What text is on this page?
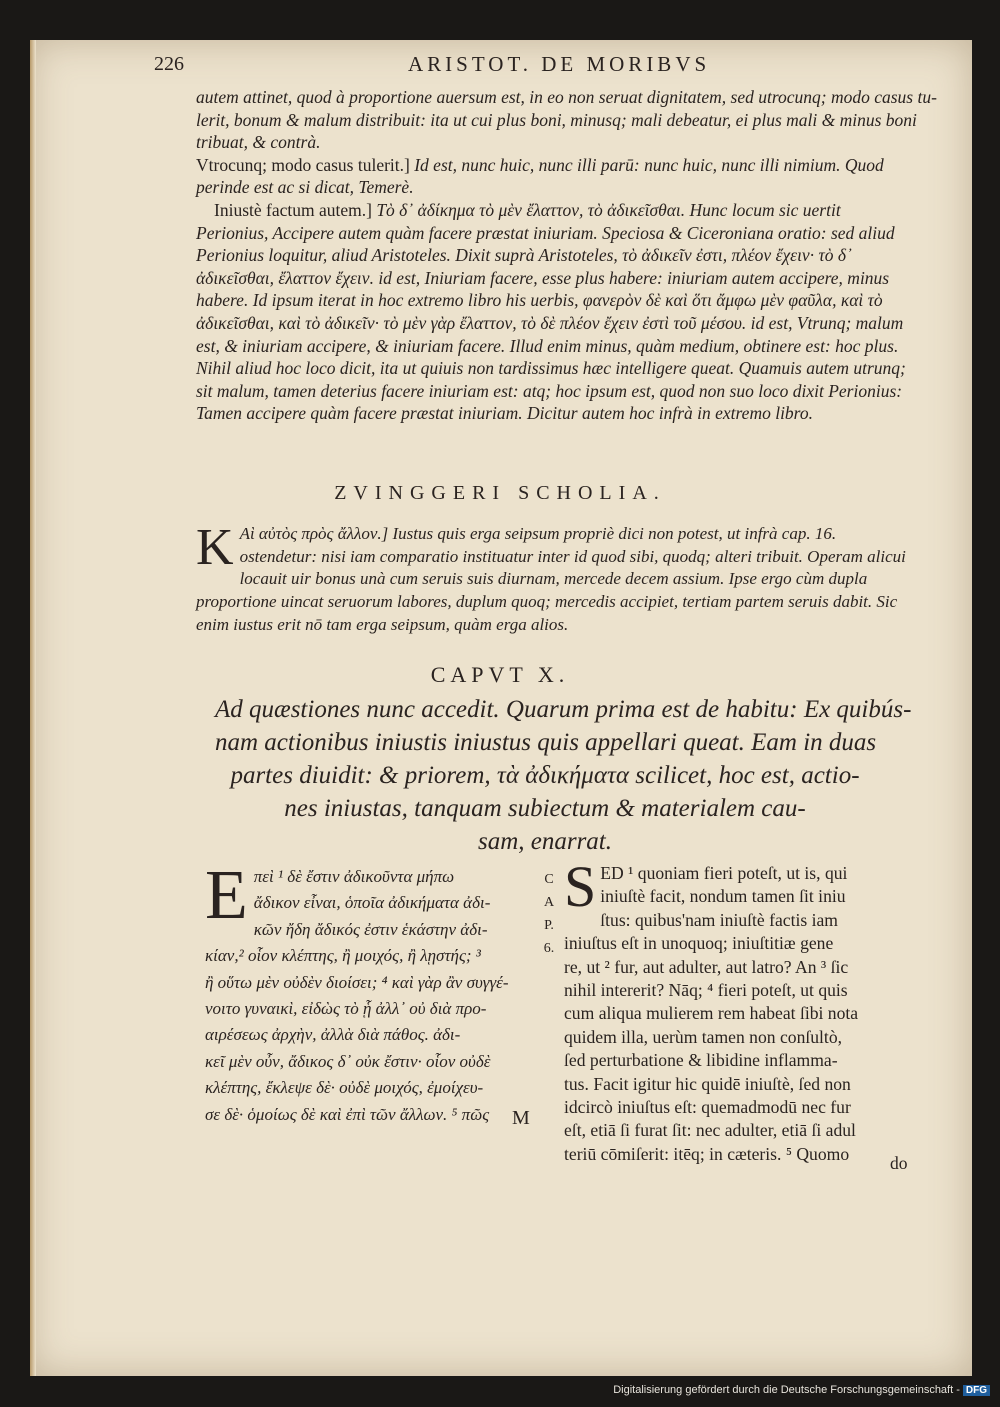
226	ARISTOT. DE MORIBVS

autem attinet, quod à proportione auersum est, in eo non seruat dignitatem, sed utrocunq; modo casus tu-

lerit, bonum & malum distribuit: ita ut cui plus boni, minusq; mali debeatur, ei plus mali & minus boni

tribuat, & contrà.

Vtrocunq; modo casus tulerit.] Id est, nunc huic, nunc illi parū: nunc huic, nunc illi nimium. Quod perinde est ac si dicat, Temerè.

Iniustè factum autem.] Τὸ δ᾽ ἀδίκημα τὸ μὲν ἔλαττον, τὸ ἀδικεῖσθαι. Hunc locum sic uertit Perionius, Accipere autem quàm facere præstat iniuriam. Speciosa & Ciceroniana oratio: sed aliud Perionius loquitur, aliud Aristoteles. Dixit suprà Aristoteles, τὸ ἀδικεῖν ἐστι, πλέον ἔχειν· τὸ δ᾽ ἀδικεῖσθαι, ἔλαττον ἔχειν. id est, Iniuriam facere, esse plus habere: iniuriam autem accipere, minus habere. Id ipsum iterat in hoc extremo libro his uerbis, φανερὸν δὲ καὶ ὅτι ἄμφω μὲν φαῦλα, καὶ τὸ ἀδικεῖσθαι, καὶ τὸ ἀδικεῖν· τὸ μὲν γὰρ ἔλαττον, τὸ δὲ πλέον ἔχειν ἐστὶ τοῦ μέσου. id est, Vtrunq; malum est, & iniuriam accipere, & iniuriam facere. Illud enim minus, quàm medium, obtinere est: hoc plus. Nihil aliud hoc loco dicit, ita ut quiuis non tardissimus hæc intelligere queat. Quamuis autem utrunq; sit malum, tamen deterius facere iniuriam est: atq; hoc ipsum est, quod non suo loco dixit Perionius: Tamen accipere quàm facere præstat iniuriam. Dicitur autem hoc infrà in extremo libro.

ZVINGGERI SCHOLIA.
K Aὶ αὐτὸς πρὸς ἄλλον.] Iustus quis erga seipsum propriè dici non potest, ut infrà cap. 16. ostendetur: nisi iam comparatio instituatur inter id quod sibi, quodq; alteri tribuit. Operam alicui locauit uir bonus unà cum seruis suis diurnam, mercede decem assium. Ipse ergo cùm dupla proportione uincat seruorum labores, duplum quoq; mercedis accipiet, tertiam partem seruis dabit. Sic enim iustus erit nō tam erga seipsum, quàm erga alios.
CAPVT X.
Ad quæstiones nunc accedit. Quarum prima est de habitu: Ex quibús-
nam actionibus iniustis iniustus quis appellari queat. Eam in duas
partes diuidit: & priorem, τὰ ἀδικήματα scilicet, hoc est, actio-
nes iniustas, tanquam subiectum & materialem cau-
sam, enarrat.
E πεὶ ¹ δὲ ἔστιν ἀδικοῦντα μήπω
ἄδικον εἶναι, ὁποῖα ἀδικήματα ἀδι-
κῶν ἤδη ἄδικός ἐστιν ἑκάστην ἀδι-
κίαν,² οἷον κλέπτης, ἢ μοιχός, ἢ λῃστής; ³
ἢ οὕτω μὲν οὐδὲν διοίσει; ⁴ καὶ γὰρ ἂν συγγέ-
νοιτο γυναικὶ, εἰδὼς τὸ ᾗ ἀλλ᾽ οὐ διὰ προ-
αιρέσεως ἀρχὴν, ἀλλὰ διὰ πάθος. ἀδι-
κεῖ μὲν οὖν, ἄδικος δ᾽ οὐκ ἔστιν· οἷον οὐδὲ
κλέπτης, ἔκλεψε δὲ· οὐδὲ μοιχός, ἐμοίχευ-
σε δὲ· ὁμοίως δὲ καὶ ἐπὶ τῶν ἄλλων. ⁵ πῶς	Μ
C
A
P.
6.
S ED ¹ quoniam fieri poteſt, ut is, qui
iniuſtè facit, nondum tamen ſit iniu
ſtus: quibus'nam iniuſtè factis iam
iniuſtus eſt in unoquoq; iniuſtitiæ gene
re, ut ² fur, aut adulter, aut latro? An ³ ſic
nihil intererit? Nāq; ⁴ fieri poteſt, ut quis
cum aliqua mulierem rem habeat ſibi nota
quidem illa, uerùm tamen non conſultò,
ſed perturbatione & libidine inflamma-
tus. Facit igitur hic quidē iniuſtè, ſed non
idcircò iniuſtus eſt: quemadmodū nec fur
eſt, etiā ſi furat ſit: nec adulter, etiā ſi adul
teriū cōmiſerit: itēq; in cæteris. ⁵ Quomo	do
Digitalisierung gefördert durch die Deutsche Forschungsgemeinschaft - DFG
